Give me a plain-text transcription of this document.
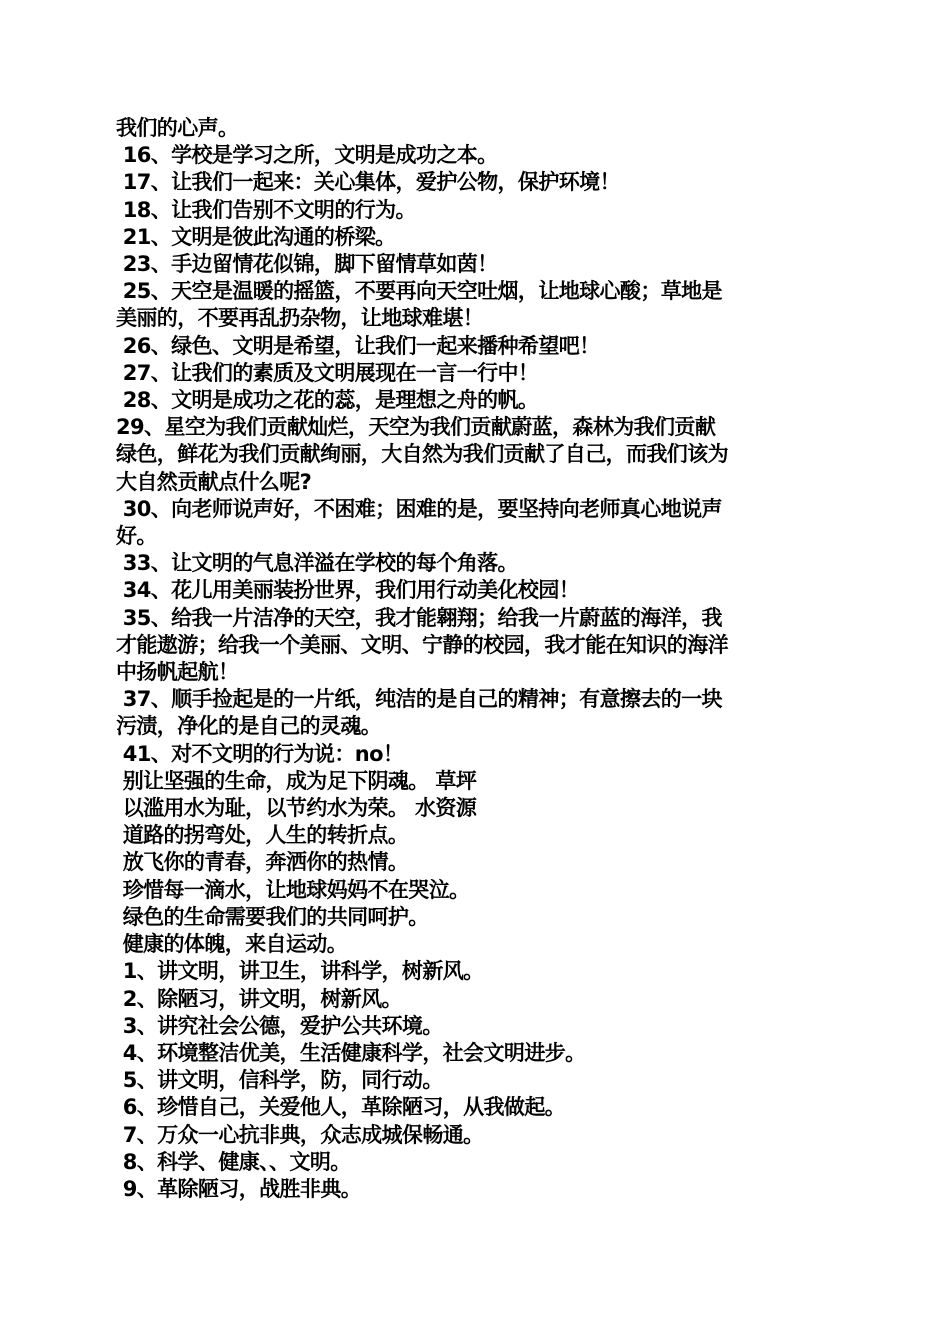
我们的心声。
16、学校是学习之所，文明是成功之本。
17、让我们一起来：关心集体，爱护公物，保护环境！
18、让我们告别不文明的行为。
21、文明是彼此沟通的桥梁。
23、手边留情花似锦，脚下留情草如茵！
25、天空是温暖的摇篮，不要再向天空吐烟，让地球心酸；草地是
美丽的，不要再乱扔杂物，让地球难堪！
26、绿色、文明是希望，让我们一起来播种希望吧！
27、让我们的素质及文明展现在一言一行中！
28、文明是成功之花的蕊，是理想之舟的帆。
29、星空为我们贡献灿烂，天空为我们贡献蔚蓝，森林为我们贡献
绿色，鲜花为我们贡献绚丽，大自然为我们贡献了自己，而我们该为
大自然贡献点什么呢?
30、向老师说声好，不困难；困难的是，要坚持向老师真心地说声
好。
33、让文明的气息洋溢在学校的每个角落。
34、花儿用美丽装扮世界，我们用行动美化校园！
35、给我一片洁净的天空，我才能翱翔；给我一片蔚蓝的海洋，我
才能遨游；给我一个美丽、文明、宁静的校园，我才能在知识的海洋
中扬帆起航！
37、顺手捡起是的一片纸，纯洁的是自己的精神；有意擦去的一块
污渍，净化的是自己的灵魂。
41、对不文明的行为说：no！
别让坚强的生命，成为足下阴魂。 草坪
以滥用水为耻，以节约水为荣。 水资源
道路的拐弯处，人生的转折点。
放飞你的青春，奔洒你的热情。
珍惜每一滴水，让地球妈妈不在哭泣。
绿色的生命需要我们的共同呵护。
健康的体魄，来自运动。
1、讲文明，讲卫生，讲科学，树新风。
2、除陋习，讲文明，树新风。
3、讲究社会公德，爱护公共环境。
4、环境整洁优美，生活健康科学，社会文明进步。
5、讲文明，信科学，防，同行动。
6、珍惜自己，关爱他人，革除陋习，从我做起。
7、万众一心抗非典，众志成城保畅通。
8、科学、健康、、文明。
9、革除陋习，战胜非典。
